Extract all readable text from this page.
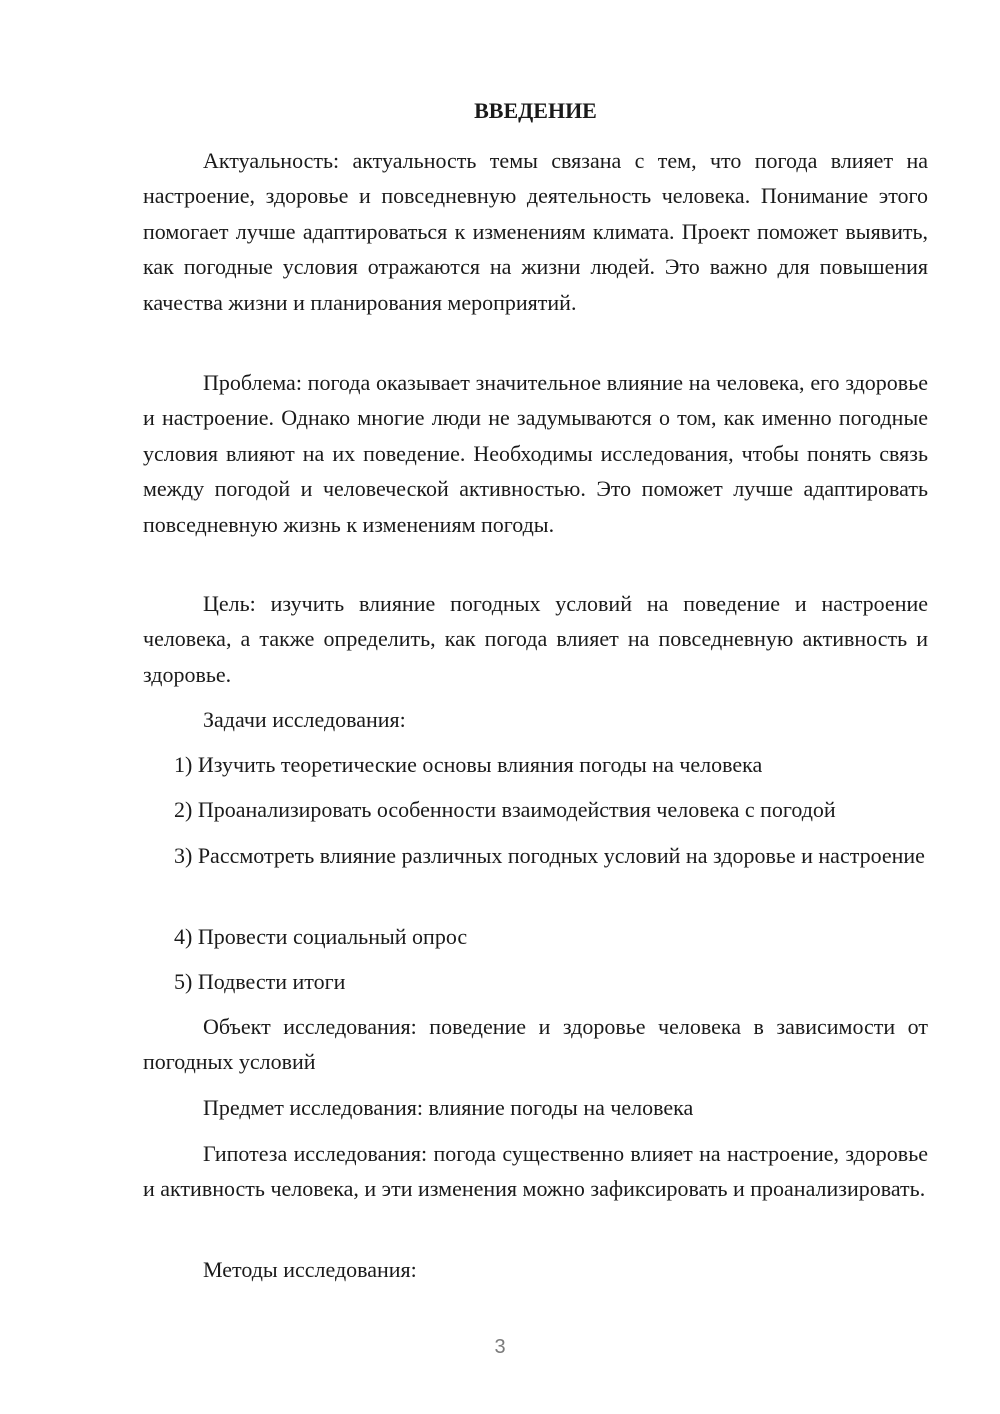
ВВЕДЕНИЕ

Актуальность: актуальность темы связана с тем, что погода влияет на настроение, здоровье и повседневную деятельность человека. Понимание этого помогает лучше адаптироваться к изменениям климата. Проект поможет выявить, как погодные условия отражаются на жизни людей. Это важно для повышения качества жизни и планирования мероприятий.

Проблема: погода оказывает значительное влияние на человека, его здоровье и настроение. Однако многие люди не задумываются о том, как именно погодные условия влияют на их поведение. Необходимы исследования, чтобы понять связь между погодой и человеческой активностью. Это поможет лучше адаптировать повседневную жизнь к изменениям погоды.

Цель: изучить влияние погодных условий на поведение и настроение человека, а также определить, как погода влияет на повседневную активность и здоровье.

Задачи исследования:

1) Изучить теоретические основы влияния погоды на человека

2) Проанализировать особенности взаимодействия человека с погодой

3) Рассмотреть влияние различных погодных условий на здоровье и настроение

4) Провести социальный опрос

5) Подвести итоги

Объект исследования: поведение и здоровье человека в зависимости от погодных условий

Предмет исследования: влияние погоды на человека

Гипотеза исследования: погода существенно влияет на настроение, здоровье и активность человека, и эти изменения можно зафиксировать и проанализировать.

Методы исследования:

3
